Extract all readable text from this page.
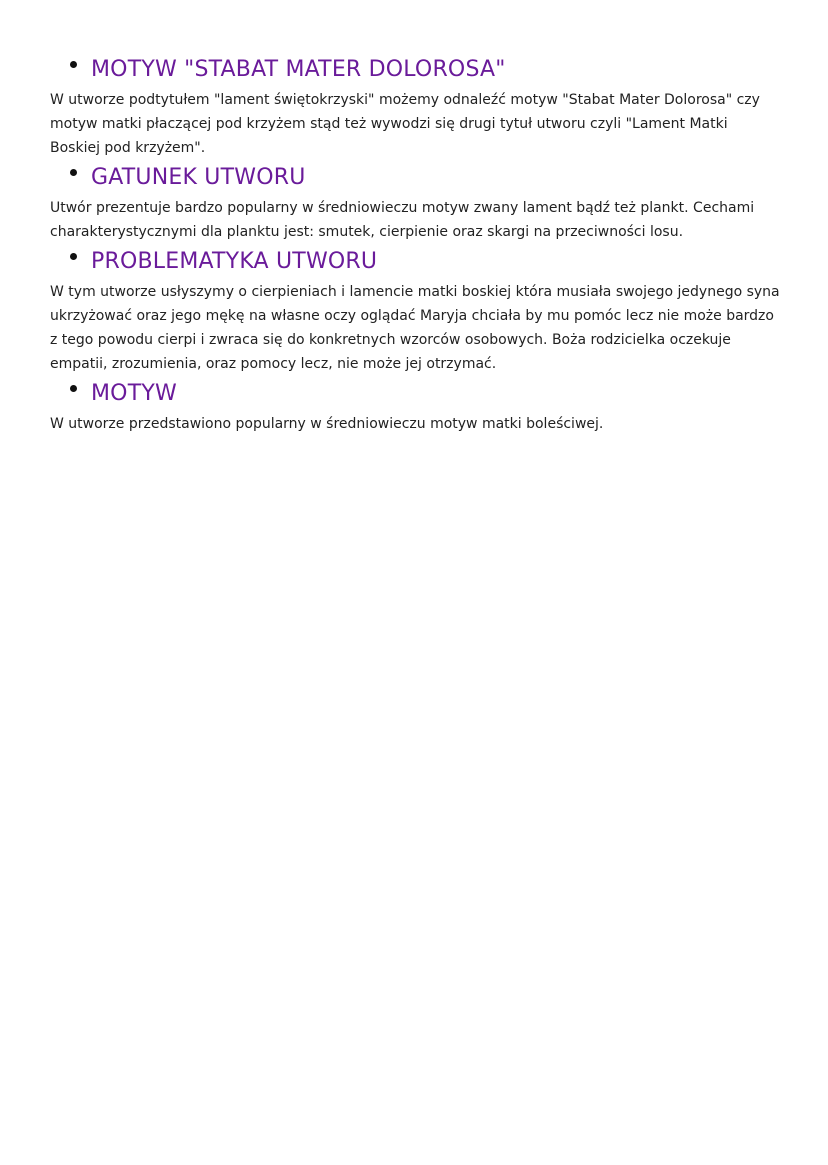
MOTYW "STABAT MATER DOLOROSA"

W utworze podtytułem "lament świętokrzyski" możemy odnaleźć motyw "Stabat Mater Dolorosa" czy motyw matki płaczącej pod krzyżem stąd też wywodzi się drugi tytuł utworu czyli "Lament Matki Boskiej pod krzyżem".

GATUNEK UTWORU

Utwór prezentuje bardzo popularny w średniowieczu motyw zwany lament bądź też plankt. Cechami charakterystycznymi dla planktu jest: smutek, cierpienie oraz skargi na przeciwności losu.

PROBLEMATYKA UTWORU

W tym utworze usłyszymy o cierpieniach i lamencie matki boskiej która musiała swojego jedynego syna ukrzyżować oraz jego mękę na własne oczy oglądać Maryja chciała by mu pomóc lecz nie może bardzo z tego powodu cierpi i zwraca się do konkretnych wzorców osobowych. Boża rodzicielka oczekuje empatii, zrozumienia, oraz pomocy lecz, nie może jej otrzymać.

MOTYW

W utworze przedstawiono popularny w średniowieczu motyw matki boleściwej.
